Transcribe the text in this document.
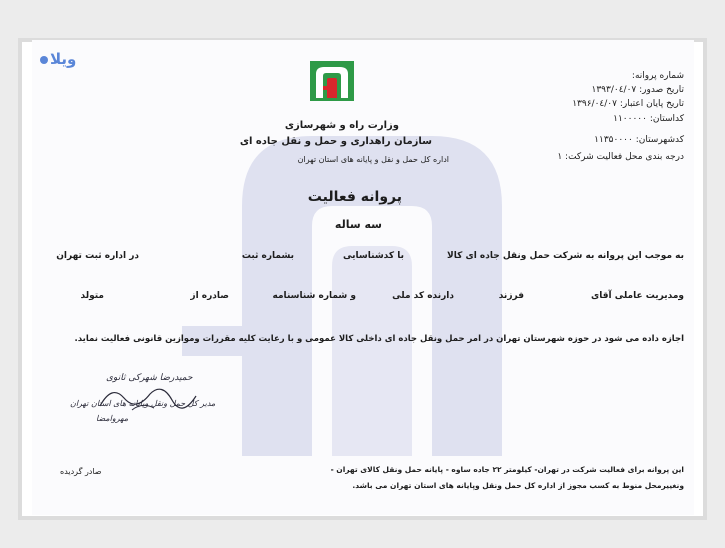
ویلا
وزارت راه و شهرسازی
سازمان راهداری و حمل و نقل جاده ای
اداره کل حمل و نقل و پایانه های استان تهران
شماره پروانه:
تاریخ صدور: ۱۳۹۳/۰٤/۰۷
تاریخ پایان اعتبار: ۱۳۹۶/۰٤/۰۷
کداستان: ۱۱۰۰۰۰۰
کدشهرستان: ۱۱۳۵۰۰۰۰
درجه بندی محل فعالیت شرکت: ۱
پروانه فعالیت
سه ساله
به موجب این پروانه به شرکت حمل ونقل جاده ای کالا
با کدشناسایی
بشماره ثبت
در اداره ثبت تهران
ومدیریت عاملی آقای
فرزند
دارنده کد ملی
و شماره شناسنامه
صادره از
متولد
اجازه داده می شود در حوزه شهرستان تهران در امر حمل ونقل جاده ای داخلی کالا عمومی و با رعایت کلیه مقررات وموازین قانونی فعالیت نماید.
حمیدرضا شهرکی ثانوی
مدیر کل حمل ونقل وپایانه های استان تهران
مهروامضا
صادر گردیده	این پروانه برای فعالیت شرکت در تهران- کیلومتر ۲۲ جاده ساوه - پایانه حمل ونقل کالای تهران -
ونغییرمحل منوط به کسب مجوز از اداره کل حمل ونقل وپایانه های استان تهران می باشد.
